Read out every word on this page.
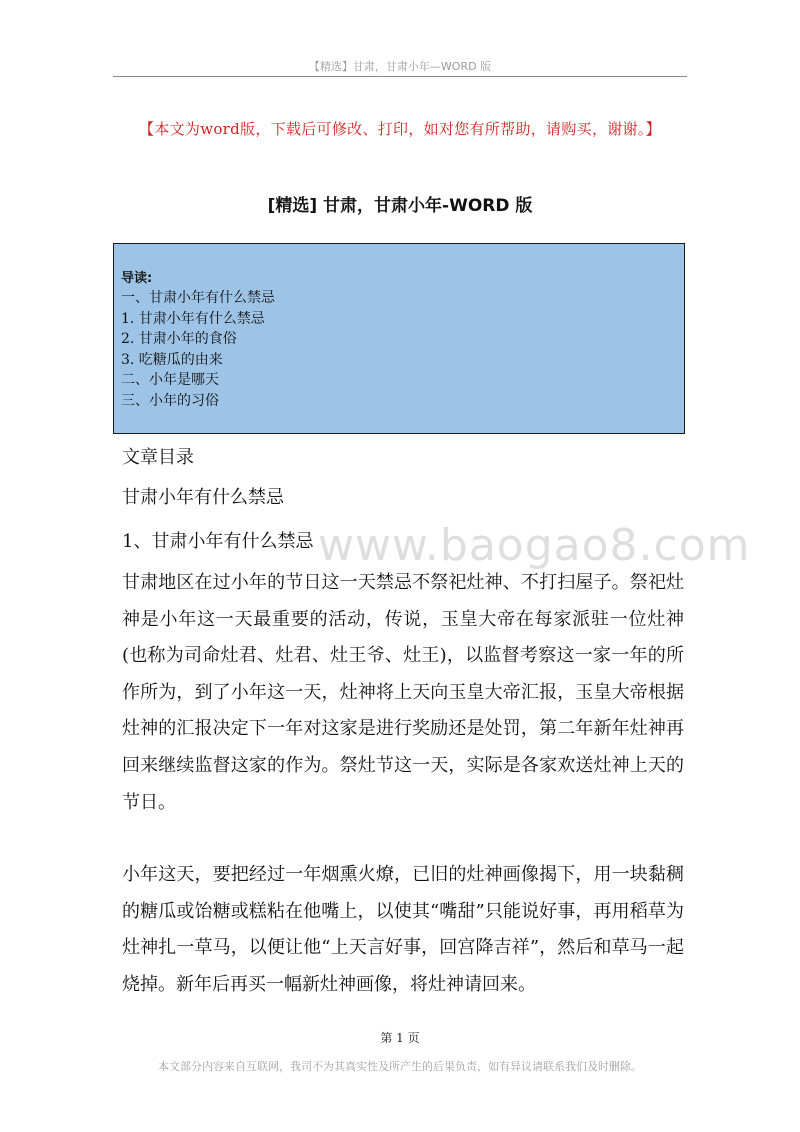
【精选】甘肃，甘肃小年—WORD 版
【本文为word版，下载后可修改、打印，如对您有所帮助，请购买，谢谢。】
[精选] 甘肃，甘肃小年-WORD 版
导读:
一、甘肃小年有什么禁忌
1. 甘肃小年有什么禁忌
2. 甘肃小年的食俗
3. 吃糖瓜的由来
二、小年是哪天
三、小年的习俗
文章目录
甘肃小年有什么禁忌
1、甘肃小年有什么禁忌

甘肃地区在过小年的节日这一天禁忌不祭祀灶神、不打扫屋子。祭祀灶神是小年这一天最重要的活动，传说，玉皇大帝在每家派驻一位灶神(也称为司命灶君、灶君、灶王爷、灶王)，以监督考察这一家一年的所作所为，到了小年这一天，灶神将上天向玉皇大帝汇报，玉皇大帝根据灶神的汇报决定下一年对这家是进行奖励还是处罚，第二年新年灶神再回来继续监督这家的作为。祭灶节这一天，实际是各家欢送灶神上天的节日。

小年这天，要把经过一年烟熏火燎，已旧的灶神画像揭下，用一块黏稠的糖瓜或饴糖或糕粘在他嘴上，以使其“嘴甜”只能说好事，再用稻草为灶神扎一草马，以便让他“上天言好事，回宫降吉祥”，然后和草马一起烧掉。新年后再买一幅新灶神画像，将灶神请回来。

www.baogao8.com
第 1 页
本文部分内容来自互联网，我司不为其真实性及所产生的后果负责，如有异议请联系我们及时删除。
